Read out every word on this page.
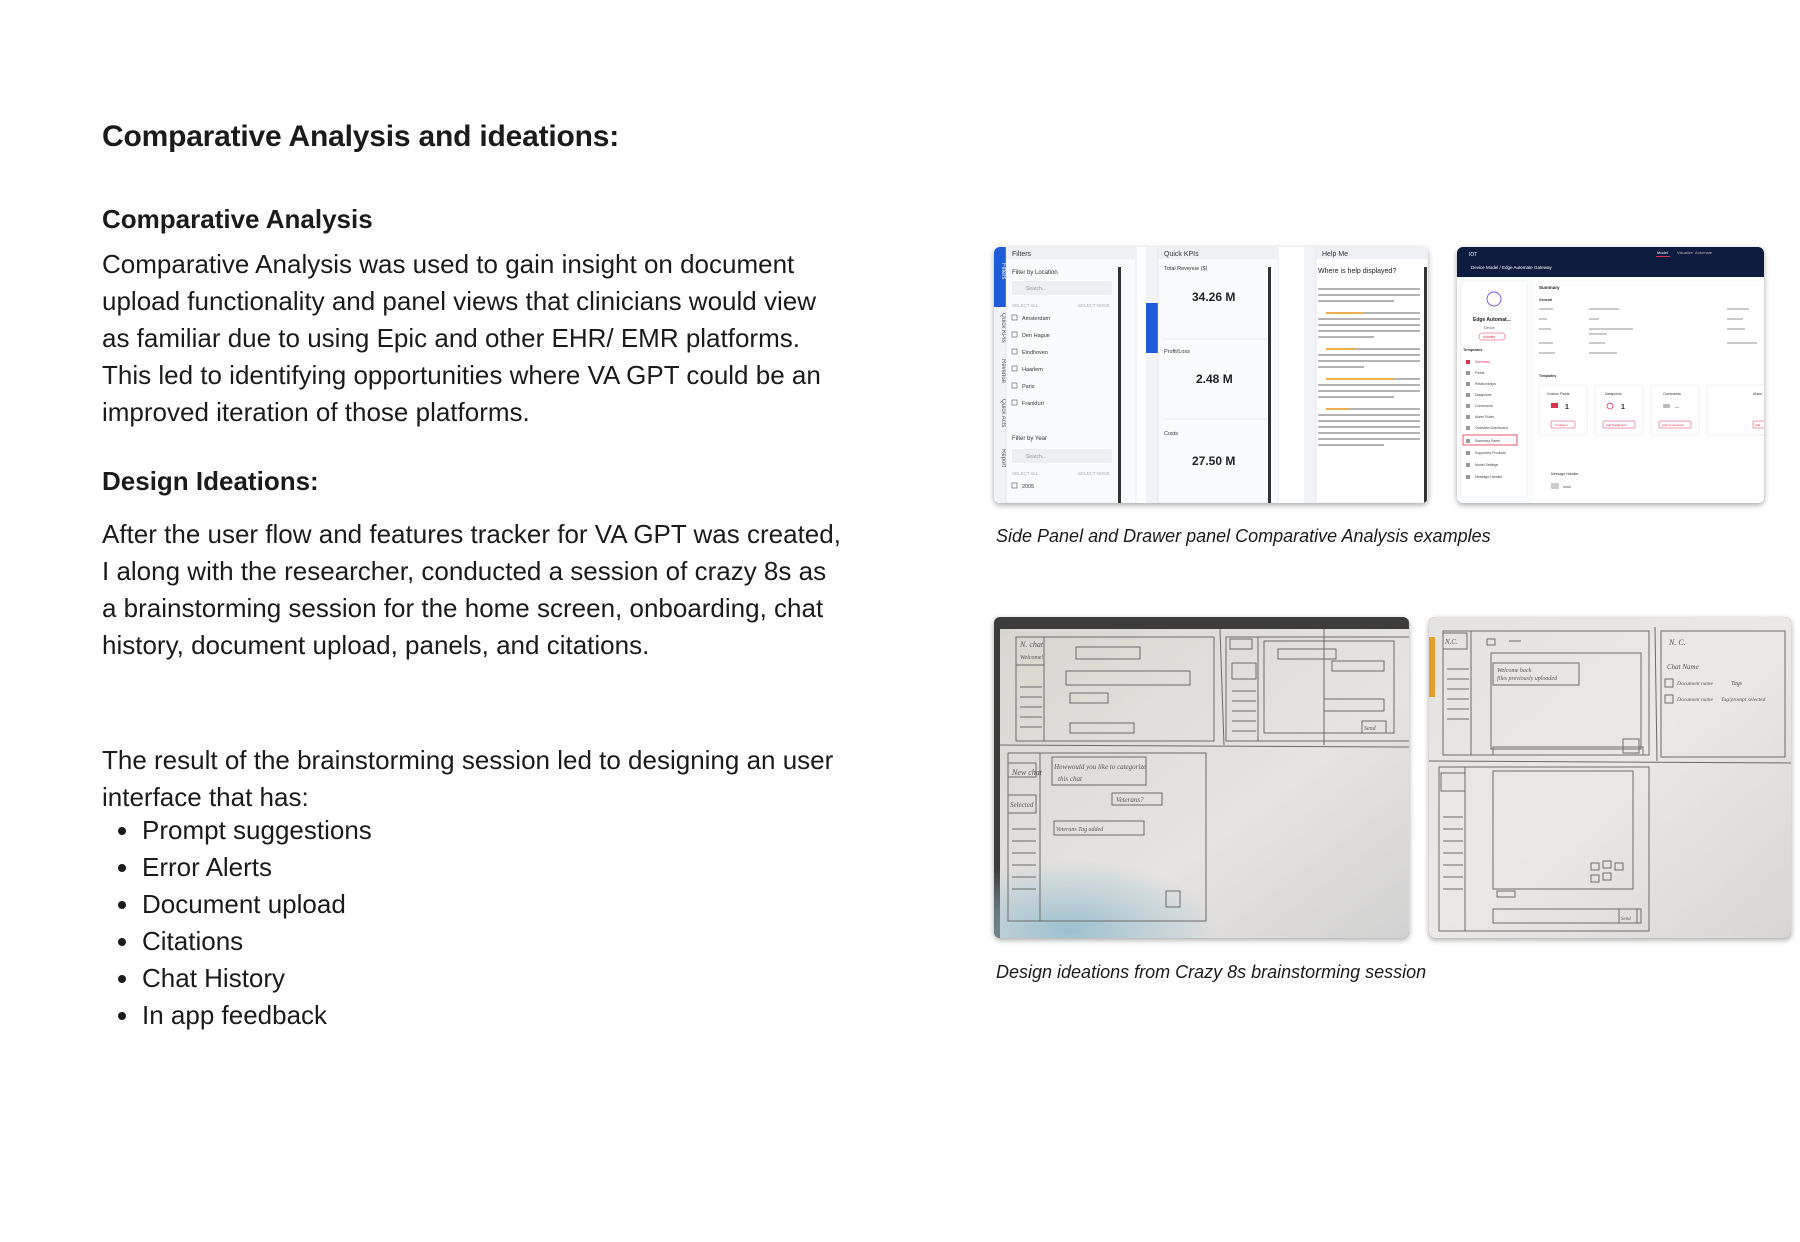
Comparative Analysis and ideations:
Comparative Analysis

Comparative Analysis was used to gain insight on document upload functionality and panel views that clinicians would view as familiar due to using Epic and other EHR/ EMR platforms. This led to identifying opportunities where VA GPT could be an improved iteration of those platforms.

Design Ideations:

After the user flow and features tracker for VA GPT was created, I along with the researcher, conducted a session of crazy 8s as a brainstorming session for the home screen, onboarding, chat history, document upload, panels, and citations.

The result of the brainstorming session led to designing an user interface that has:

Prompt suggestions
Error Alerts
Document upload
Citations
Chat History
In app feedback
Filters
Quick KPIs
Revenue
Quick Acts
Report
Filters
Filter by Location
Search...
SELECT ALL	SELECT NONE
Amsterdam
Den Hague
Eindhoven
Haarlem
Paris
Frankfurt
Filter by Year
Search...
SELECT ALL	SELECT NONE
2005
Quick KPIs
Total Revenue ($)
34.26 M
Profit/Loss
2.48 M
Costs
27.50 M
Help Me
Where is help displayed?
IOT	Model Visualize Automate
Device Model / Edge Automate Gateway
Edge Automat...
Device
Actively
Templates
Summary
Fields
Relationships
Datapoints
Commands
Alarm Rules
Overview Dashboard
Summary Panel
Supported Products
Model Settings
Message Handler
Summary
General
Templates
Custom Fields
1
Configure
Datapoints
1
Add Datapoints
Commands
--
Add Commands
Alarm
Add
Message Handler
Side Panel and Drawer panel Comparative Analysis examples
N. chat
Welcome!
New chat
Howwould you like to categorize
this chat
Selected
Veterans?
Veterans Tag added
Send
N.C.
Welcome back
files previously uploaded
N. C.
Chat Name
Tags
Document name
Document name Tag/prompt selected
Send
Design ideations from Crazy 8s brainstorming session
